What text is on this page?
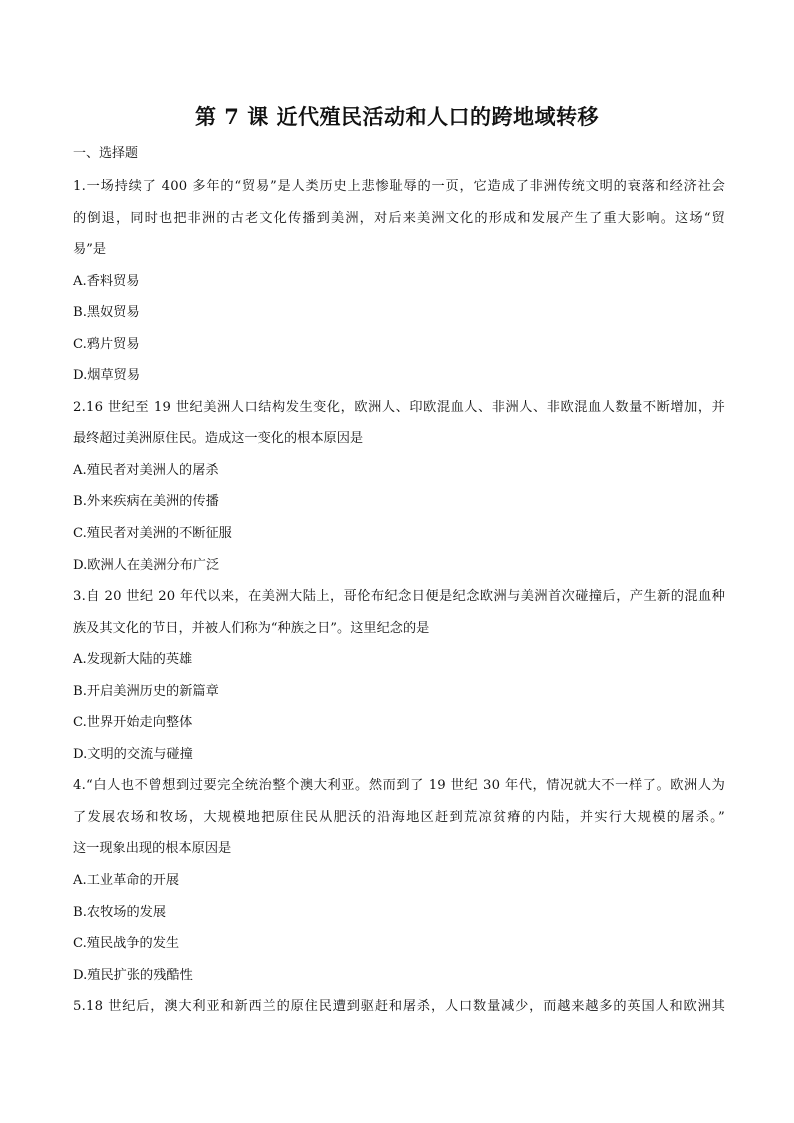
第 7 课 近代殖民活动和人口的跨地域转移
一、选择题
1.一场持续了 400 多年的“贸易”是人类历史上悲惨耻辱的一页，它造成了非洲传统文明的衰落和经济社会
的倒退，同时也把非洲的古老文化传播到美洲，对后来美洲文化的形成和发展产生了重大影响。这场“贸
易”是
A.香料贸易
B.黑奴贸易
C.鸦片贸易
D.烟草贸易
2.16 世纪至 19 世纪美洲人口结构发生变化，欧洲人、印欧混血人、非洲人、非欧混血人数量不断增加，并
最终超过美洲原住民。造成这一变化的根本原因是
A.殖民者对美洲人的屠杀
B.外来疾病在美洲的传播
C.殖民者对美洲的不断征服
D.欧洲人在美洲分布广泛
3.自 20 世纪 20 年代以来，在美洲大陆上，哥伦布纪念日便是纪念欧洲与美洲首次碰撞后，产生新的混血种
族及其文化的节日，并被人们称为“种族之日”。这里纪念的是
A.发现新大陆的英雄
B.开启美洲历史的新篇章
C.世界开始走向整体
D.文明的交流与碰撞
4.“白人也不曾想到过要完全统治整个澳大利亚。然而到了 19 世纪 30 年代，情况就大不一样了。欧洲人为
了发展农场和牧场，大规模地把原住民从肥沃的沿海地区赶到荒凉贫瘠的内陆，并实行大规模的屠杀。”
这一现象出现的根本原因是
A.工业革命的开展
B.农牧场的发展
C.殖民战争的发生
D.殖民扩张的残酷性
5.18 世纪后，澳大利亚和新西兰的原住民遭到驱赶和屠杀，人口数量减少，而越来越多的英国人和欧洲其
